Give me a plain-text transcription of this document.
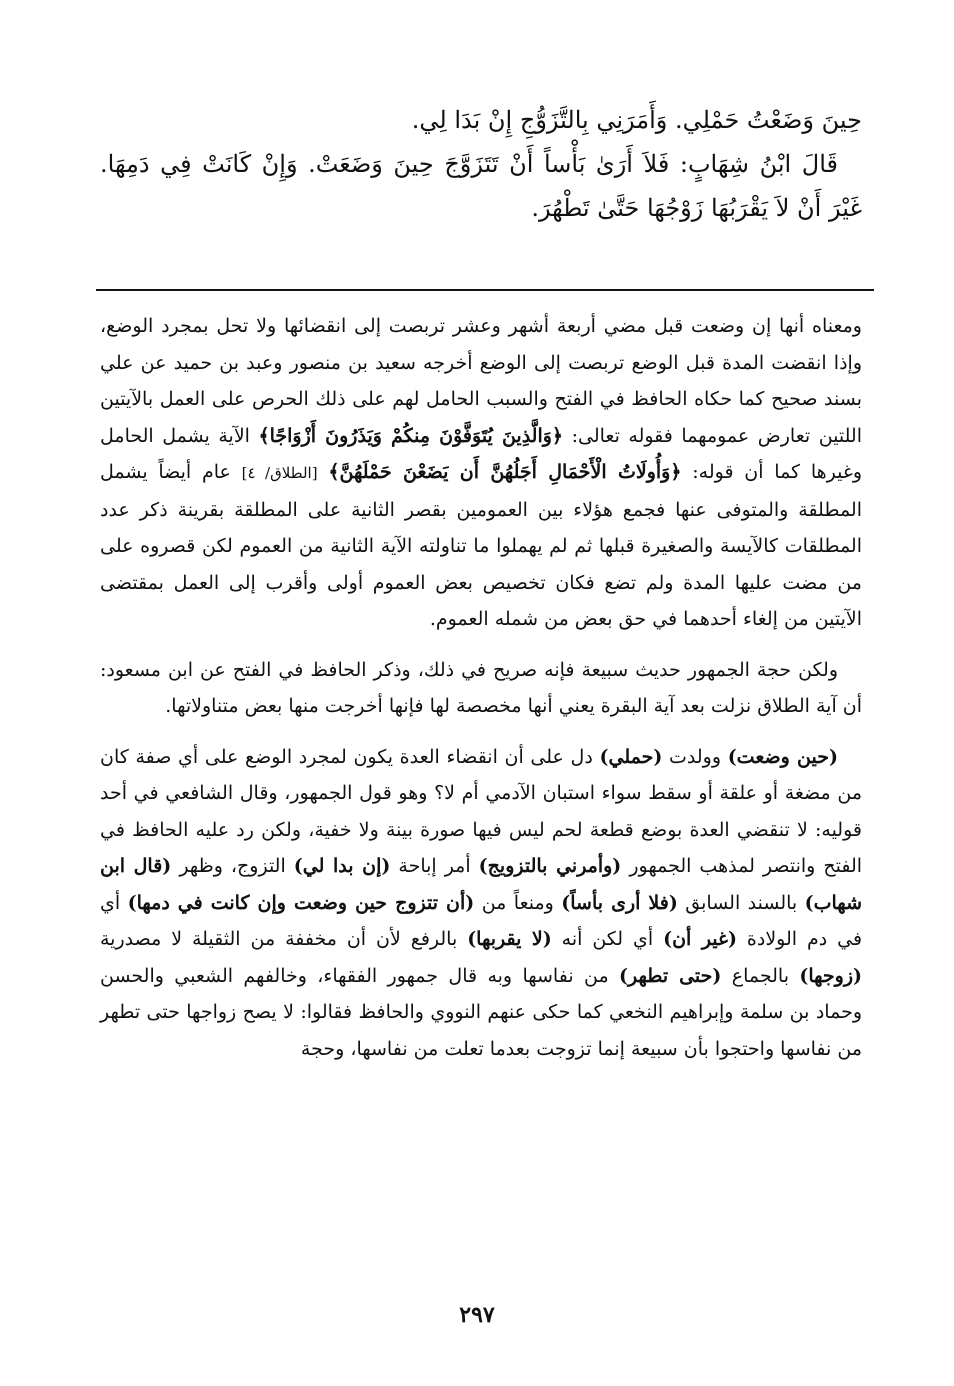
حِينَ وَضَعْتُ حَمْلِي. وَأَمَرَنِي بِالتَّزَوُّجِ إِنْ بَدَا لِي.

قَالَ ابْنُ شِهَابٍ: فَلاَ أَرَىٰ بَأْساً أَنْ تَتَزَوَّجَ حِينَ وَضَعَتْ. وَإِنْ كَانَتْ فِي دَمِهَا. غَيْرَ أَنْ لاَ يَقْرَبُهَا زَوْجُهَا حَتَّىٰ تَطْهُرَ.

ومعناه أنها إن وضعت قبل مضي أربعة أشهر وعشر تربصت إلى انقضائها ولا تحل بمجرد الوضع، وإذا انقضت المدة قبل الوضع تربصت إلى الوضع أخرجه سعيد بن منصور وعبد بن حميد عن علي بسند صحيح كما حكاه الحافظ في الفتح والسبب الحامل لهم على ذلك الحرص على العمل بالآيتين اللتين تعارض عمومهما فقوله تعالى: ﴿وَالَّذِينَ يُتَوَفَّوْنَ مِنكُمْ وَيَذَرُونَ أَزْوَاجًا﴾ الآية يشمل الحامل وغيرها كما أن قوله: ﴿وَأُولَاتُ الْأَحْمَالِ أَجَلُهُنَّ أَن يَضَعْنَ حَمْلَهُنَّ﴾ [الطلاق/ ٤] عام أيضاً يشمل المطلقة والمتوفى عنها فجمع هؤلاء بين العمومين بقصر الثانية على المطلقة بقرينة ذكر عدد المطلقات كالآيسة والصغيرة قبلها ثم لم يهملوا ما تناولته الآية الثانية من العموم لكن قصروه على من مضت عليها المدة ولم تضع فكان تخصيص بعض العموم أولى وأقرب إلى العمل بمقتضى الآيتين من إلغاء أحدهما في حق بعض من شمله العموم.

ولكن حجة الجمهور حديث سبيعة فإنه صريح في ذلك، وذكر الحافظ في الفتح عن ابن مسعود: أن آية الطلاق نزلت بعد آية البقرة يعني أنها مخصصة لها فإنها أخرجت منها بعض متناولاتها.

(حين وضعت) وولدت (حملي) دل على أن انقضاء العدة يكون لمجرد الوضع على أي صفة كان من مضغة أو علقة أو سقط سواء استبان الآدمي أم لا؟ وهو قول الجمهور، وقال الشافعي في أحد قوليه: لا تنقضي العدة بوضع قطعة لحم ليس فيها صورة بينة ولا خفية، ولكن رد عليه الحافظ في الفتح وانتصر لمذهب الجمهور (وأمرني بالتزويج) أمر إباحة (إن بدا لي) التزوج، وظهر (قال ابن شهاب) بالسند السابق (فلا أرى بأساً) ومنعاً من (أن تتزوج حين وضعت وإن كانت في دمها) أي في دم الولادة (غير أن) أي لكن أنه (لا يقربها) بالرفع لأن أن مخففة من الثقيلة لا مصدرية (زوجها) بالجماع (حتى تطهر) من نفاسها وبه قال جمهور الفقهاء، وخالفهم الشعبي والحسن وحماد بن سلمة وإبراهيم النخعي كما حكى عنهم النووي والحافظ فقالوا: لا يصح زواجها حتى تطهر من نفاسها واحتجوا بأن سبيعة إنما تزوجت بعدما تعلت من نفاسها، وحجة

٢٩٧
